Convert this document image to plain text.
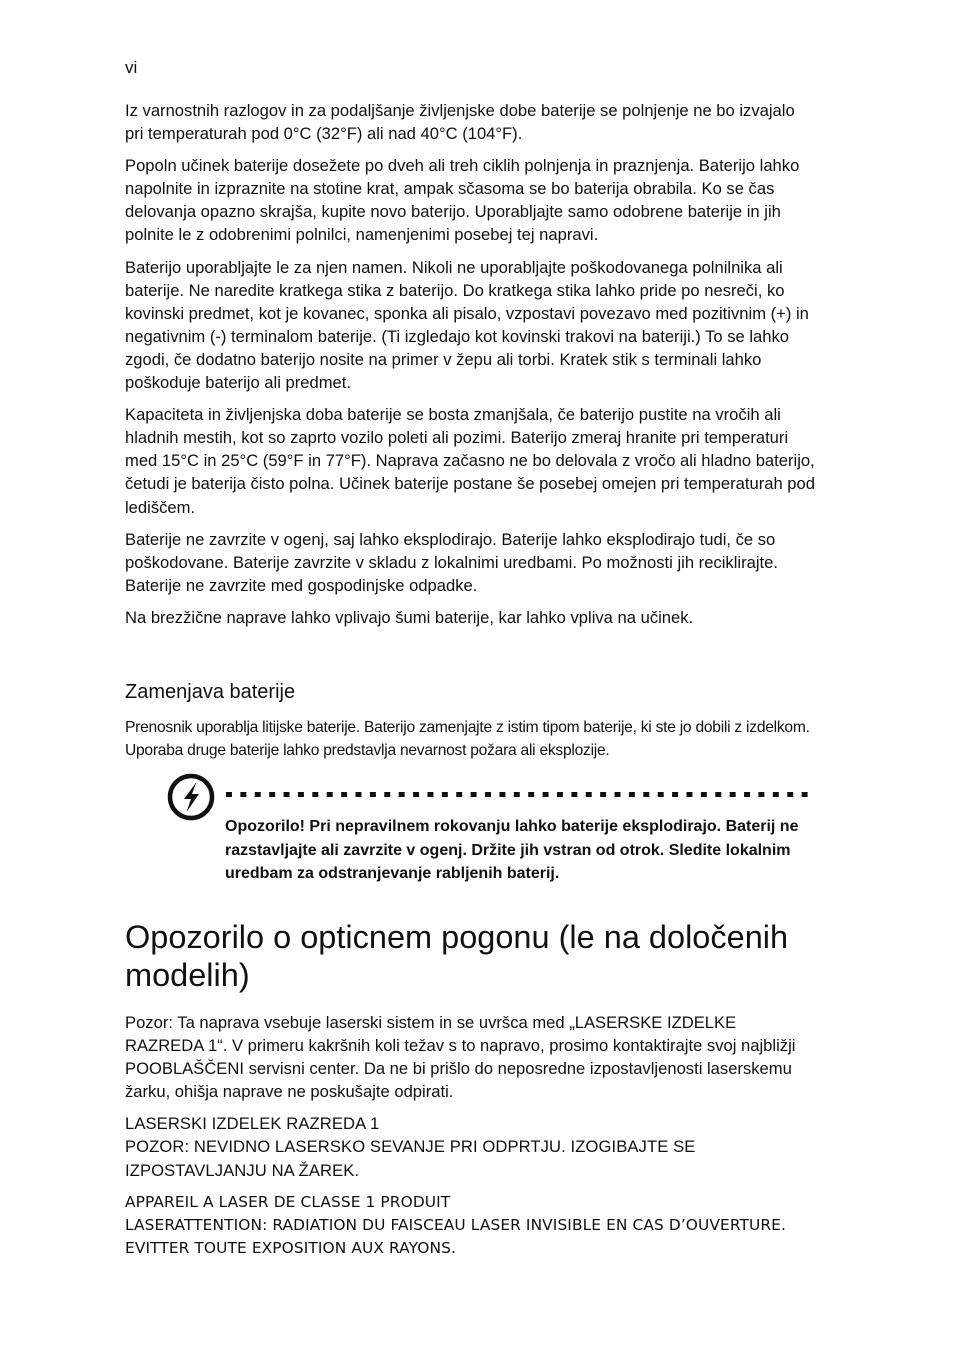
vi

Iz varnostnih razlogov in za podaljšanje življenjske dobe baterije se polnjenje ne bo izvajalo pri temperaturah pod 0°C (32°F) ali nad 40°C (104°F).

Popoln učinek baterije dosežete po dveh ali treh ciklih polnjenja in praznjenja. Baterijo lahko napolnite in izpraznite na stotine krat, ampak sčasoma se bo baterija obrabila. Ko se čas delovanja opazno skrajša, kupite novo baterijo. Uporabljajte samo odobrene baterije in jih polnite le z odobrenimi polnilci, namenjenimi posebej tej napravi.

Baterijo uporabljajte le za njen namen. Nikoli ne uporabljajte poškodovanega polnilnika ali baterije. Ne naredite kratkega stika z baterijo. Do kratkega stika lahko pride po nesreči, ko kovinski predmet, kot je kovanec, sponka ali pisalo, vzpostavi povezavo med pozitivnim (+) in negativnim (-) terminalom baterije. (Ti izgledajo kot kovinski trakovi na bateriji.) To se lahko zgodi, če dodatno baterijo nosite na primer v žepu ali torbi. Kratek stik s terminali lahko poškoduje baterijo ali predmet.

Kapaciteta in življenjska doba baterije se bosta zmanjšala, če baterijo pustite na vročih ali hladnih mestih, kot so zaprto vozilo poleti ali pozimi. Baterijo zmeraj hranite pri temperaturi med 15°C in 25°C (59°F in 77°F). Naprava začasno ne bo delovala z vročo ali hladno baterijo, četudi je baterija čisto polna. Učinek baterije postane še posebej omejen pri temperaturah pod lediščem.

Baterije ne zavrzite v ogenj, saj lahko eksplodirajo. Baterije lahko eksplodirajo tudi, če so poškodovane. Baterije zavrzite v skladu z lokalnimi uredbami. Po možnosti jih reciklirajte. Baterije ne zavrzite med gospodinjske odpadke.

Na brezžične naprave lahko vplivajo šumi baterije, kar lahko vpliva na učinek.

Zamenjava baterije
Prenosnik uporablja litijske baterije. Baterijo zamenjajte z istim tipom baterije, ki ste jo dobili z izdelkom. Uporaba druge baterije lahko predstavlja nevarnost požara ali eksplozije.
Opozorilo! Pri nepravilnem rokovanju lahko baterije eksplodirajo. Baterij ne razstavljajte ali zavrzite v ogenj. Držite jih vstran od otrok. Sledite lokalnim uredbam za odstranjevanje rabljenih baterij.
Opozorilo o opticnem pogonu (le na določenih modelih)

Pozor: Ta naprava vsebuje laserski sistem in se uvršca med „LASERSKE IZDELKE RAZREDA 1“. V primeru kakršnih koli težav s to napravo, prosimo kontaktirajte svoj najbližji POOBLAŠČENI servisni center. Da ne bi prišlo do neposredne izpostavljenosti laserskemu žarku, ohišja naprave ne poskušajte odpirati.

LASERSKI IZDELEK RAZREDA 1
POZOR: NEVIDNO LASERSKO SEVANJE PRI ODPRTJU. IZOGIBAJTE SE IZPOSTAVLJANJU NA ŽAREK.

APPAREIL A LASER DE CLASSE 1 PRODUIT
LASERATTENTION: RADIATION DU FAISCEAU LASER INVISIBLE EN CAS D’OUVERTURE. EVITTER TOUTE EXPOSITION AUX RAYONS.
